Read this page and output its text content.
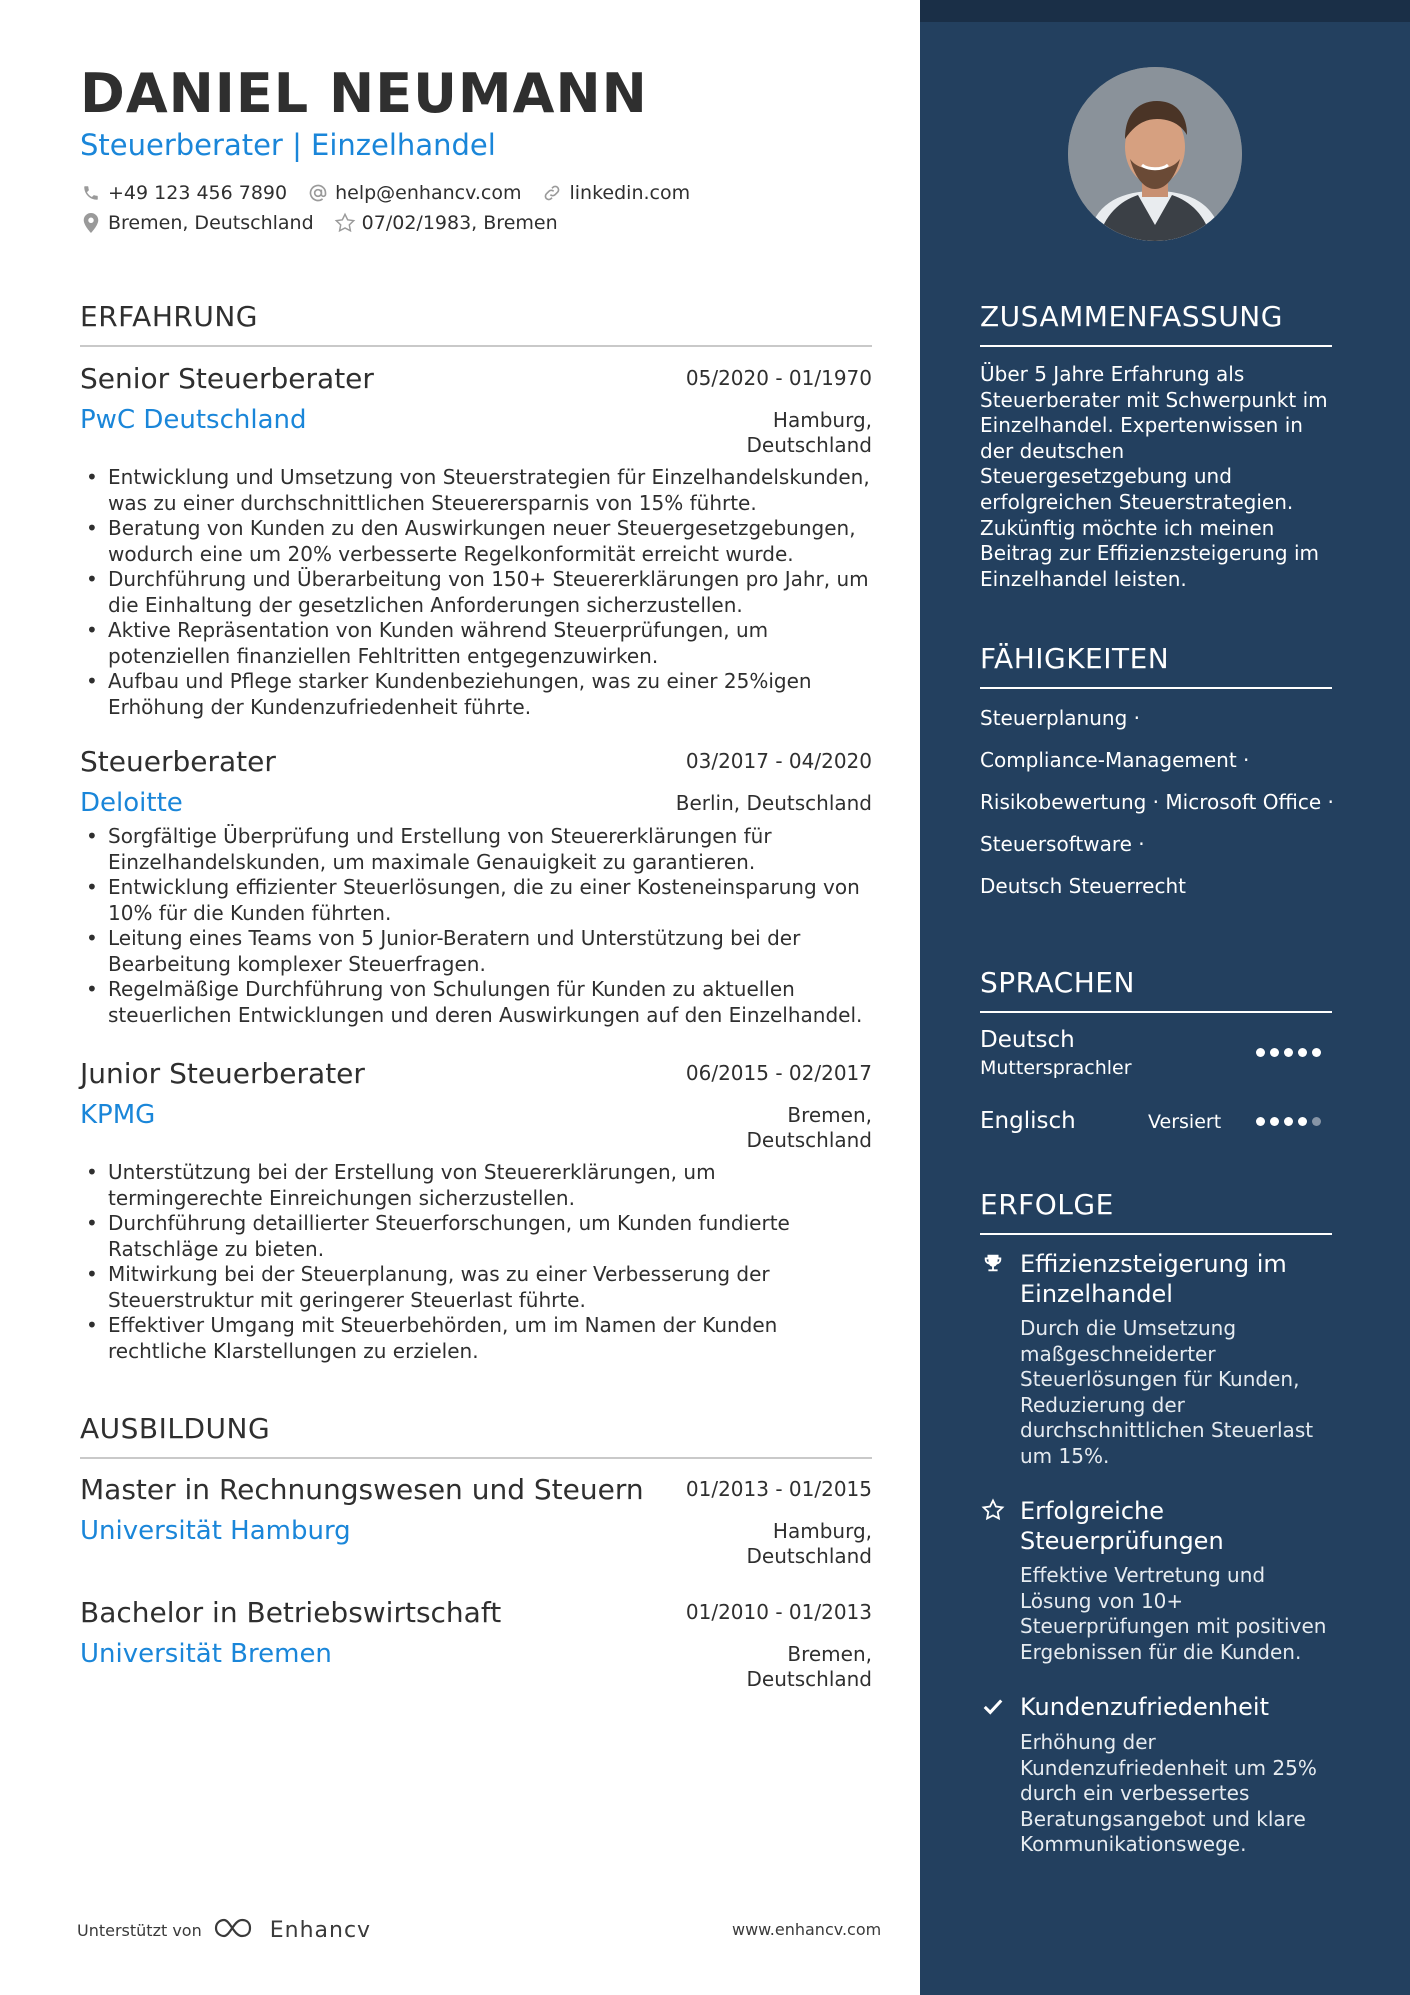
DANIEL NEUMANN
Steuerberater | Einzelhandel
+49 123 456 7890	help@enhancv.com	linkedin.com
Bremen, Deutschland	07/02/1983, Bremen
ERFAHRUNG
Senior Steuerberater	05/2020 - 01/1970
PwC Deutschland	Hamburg,
Deutschland
• Entwicklung und Umsetzung von Steuerstrategien für Einzelhandelskunden, was zu einer durchschnittlichen Steuerersparnis von 15% führte.
• Beratung von Kunden zu den Auswirkungen neuer Steuergesetzgebungen, wodurch eine um 20% verbesserte Regelkonformität erreicht wurde.
• Durchführung und Überarbeitung von 150+ Steuererklärungen pro Jahr, um die Einhaltung der gesetzlichen Anforderungen sicherzustellen.
• Aktive Repräsentation von Kunden während Steuerprüfungen, um potenziellen finanziellen Fehltritten entgegenzuwirken.
• Aufbau und Pflege starker Kundenbeziehungen, was zu einer 25%igen Erhöhung der Kundenzufriedenheit führte.
Steuerberater	03/2017 - 04/2020
Deloitte	Berlin, Deutschland
• Sorgfältige Überprüfung und Erstellung von Steuererklärungen für Einzelhandelskunden, um maximale Genauigkeit zu garantieren.
• Entwicklung effizienter Steuerlösungen, die zu einer Kosteneinsparung von 10% für die Kunden führten.
• Leitung eines Teams von 5 Junior-Beratern und Unterstützung bei der Bearbeitung komplexer Steuerfragen.
• Regelmäßige Durchführung von Schulungen für Kunden zu aktuellen steuerlichen Entwicklungen und deren Auswirkungen auf den Einzelhandel.
Junior Steuerberater	06/2015 - 02/2017
KPMG	Bremen,
Deutschland
• Unterstützung bei der Erstellung von Steuererklärungen, um termingerechte Einreichungen sicherzustellen.
• Durchführung detaillierter Steuerforschungen, um Kunden fundierte Ratschläge zu bieten.
• Mitwirkung bei der Steuerplanung, was zu einer Verbesserung der Steuerstruktur mit geringerer Steuerlast führte.
• Effektiver Umgang mit Steuerbehörden, um im Namen der Kunden rechtliche Klarstellungen zu erzielen.
AUSBILDUNG
Master in Rechnungswesen und Steuern	01/2013 - 01/2015
Universität Hamburg	Hamburg,
Deutschland
Bachelor in Betriebswirtschaft	01/2010 - 01/2013
Universität Bremen	Bremen,
Deutschland
Unterstützt von	Enhancv	www.enhancv.com
ZUSAMMENFASSUNG
Über 5 Jahre Erfahrung als Steuerberater mit Schwerpunkt im Einzelhandel. Expertenwissen in der deutschen Steuergesetzgebung und erfolgreichen Steuerstrategien. Zukünftig möchte ich meinen Beitrag zur Effizienzsteigerung im Einzelhandel leisten.
FÄHIGKEITEN
Steuerplanung ·
Compliance-Management ·
Risikobewertung · Microsoft Office ·
Steuersoftware ·
Deutsch Steuerrecht
SPRACHEN
Deutsch
Muttersprachler
Englisch	Versiert
ERFOLGE
Effizienzsteigerung im Einzelhandel
Durch die Umsetzung maßgeschneiderter Steuerlösungen für Kunden, Reduzierung der durchschnittlichen Steuerlast um 15%.
Erfolgreiche Steuerprüfungen
Effektive Vertretung und Lösung von 10+ Steuerprüfungen mit positiven Ergebnissen für die Kunden.
Kundenzufriedenheit
Erhöhung der Kundenzufriedenheit um 25% durch ein verbessertes Beratungsangebot und klare Kommunikationswege.
